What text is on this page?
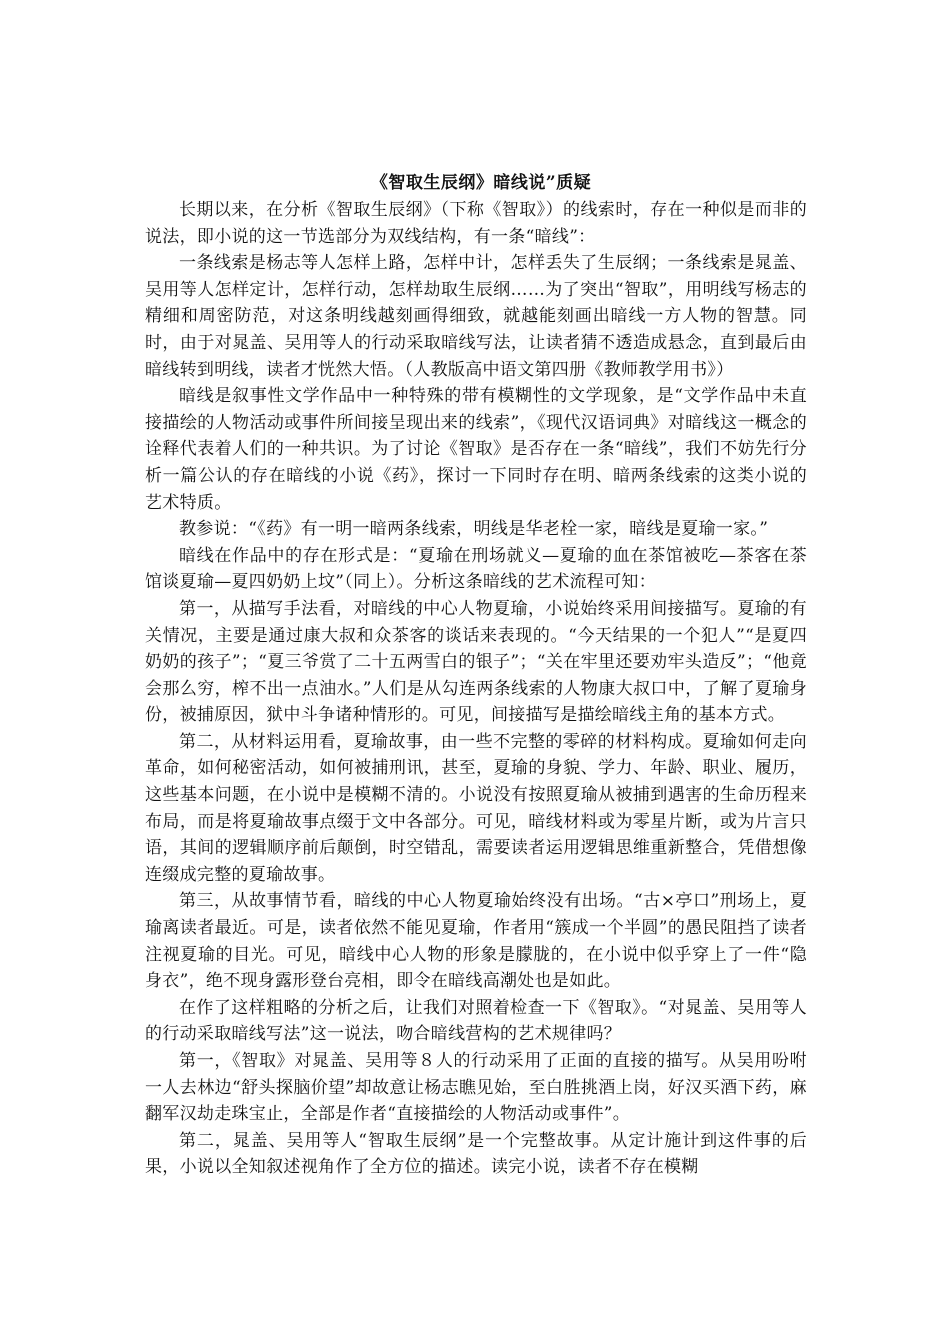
《智取生辰纲》暗线说”质疑

长期以来，在分析《智取生辰纲》（下称《智取》）的线索时，存在一种似是而非的说法，即小说的这一节选部分为双线结构，有一条“暗线”：

一条线索是杨志等人怎样上路，怎样中计，怎样丢失了生辰纲；一条线索是晁盖、吴用等人怎样定计，怎样行动，怎样劫取生辰纲……为了突出“智取”，用明线写杨志的精细和周密防范，对这条明线越刻画得细致，就越能刻画出暗线一方人物的智慧。同时，由于对晁盖、吴用等人的行动采取暗线写法，让读者猜不透造成悬念，直到最后由暗线转到明线，读者才恍然大悟。（人教版高中语文第四册《教师教学用书》）

暗线是叙事性文学作品中一种特殊的带有模糊性的文学现象，是“文学作品中未直接描绘的人物活动或事件所间接呈现出来的线索”，《现代汉语词典》对暗线这一概念的诠释代表着人们的一种共识。为了讨论《智取》是否存在一条“暗线”，我们不妨先行分析一篇公认的存在暗线的小说《药》，探讨一下同时存在明、暗两条线索的这类小说的艺术特质。

教参说：“《药》有一明一暗两条线索，明线是华老栓一家，暗线是夏瑜一家。”

暗线在作品中的存在形式是：“夏瑜在刑场就义—夏瑜的血在茶馆被吃—茶客在茶馆谈夏瑜—夏四奶奶上坟”（同上）。分析这条暗线的艺术流程可知：

第一，从描写手法看，对暗线的中心人物夏瑜，小说始终采用间接描写。夏瑜的有关情况，主要是通过康大叔和众茶客的谈话来表现的。“今天结果的一个犯人”“是夏四奶奶的孩子”；“夏三爷赏了二十五两雪白的银子”；“关在牢里还要劝牢头造反”；“他竟会那么穷，榨不出一点油水。”人们是从勾连两条线索的人物康大叔口中，了解了夏瑜身份，被捕原因，狱中斗争诸种情形的。可见，间接描写是描绘暗线主角的基本方式。

第二，从材料运用看，夏瑜故事，由一些不完整的零碎的材料构成。夏瑜如何走向革命，如何秘密活动，如何被捕刑讯，甚至，夏瑜的身貌、学力、年龄、职业、履历，这些基本问题，在小说中是模糊不清的。小说没有按照夏瑜从被捕到遇害的生命历程来布局，而是将夏瑜故事点缀于文中各部分。可见，暗线材料或为零星片断，或为片言只语，其间的逻辑顺序前后颠倒，时空错乱，需要读者运用逻辑思维重新整合，凭借想像连缀成完整的夏瑜故事。

第三，从故事情节看，暗线的中心人物夏瑜始终没有出场。“古×亭口”刑场上，夏瑜离读者最近。可是，读者依然不能见夏瑜，作者用“簇成一个半圆”的愚民阻挡了读者注视夏瑜的目光。可见，暗线中心人物的形象是朦胧的，在小说中似乎穿上了一件“隐身衣”，绝不现身露形登台亮相，即令在暗线高潮处也是如此。

在作了这样粗略的分析之后，让我们对照着检查一下《智取》。“对晁盖、吴用等人的行动采取暗线写法”这一说法，吻合暗线营构的艺术规律吗？

第一，《智取》对晁盖、吴用等８人的行动采用了正面的直接的描写。从吴用吩咐一人去林边“舒头探脑价望”却故意让杨志瞧见始，至白胜挑酒上岗，好汉买酒下药，麻翻军汉劫走珠宝止，全部是作者“直接描绘的人物活动或事件”。

第二，晁盖、吴用等人“智取生辰纲”是一个完整故事。从定计施计到这件事的后果，小说以全知叙述视角作了全方位的描述。读完小说，读者不存在模糊
